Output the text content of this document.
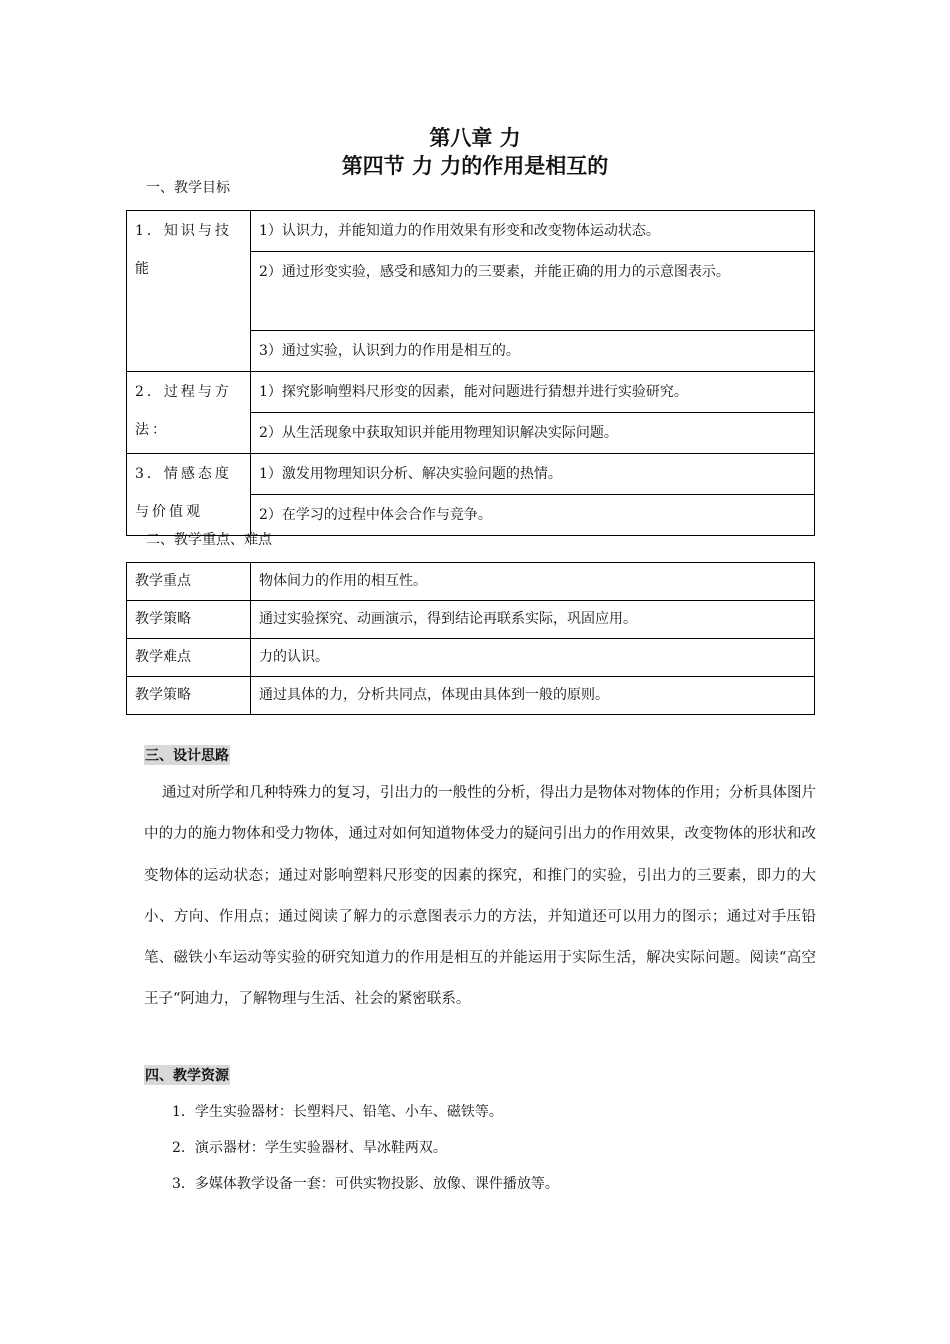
第八章 力
第四节 力 力的作用是相互的
一、教学目标
1．知识与技能	1）认识力，并能知道力的作用效果有形变和改变物体运动状态。
	2）通过形变实验，感受和感知力的三要素，并能正确的用力的示意图表示。
	3）通过实验，认识到力的作用是相互的。
2．过程与方法：	1）探究影响塑料尺形变的因素，能对问题进行猜想并进行实验研究。
	2）从生活现象中获取知识并能用物理知识解决实际问题。
3．情感态度与价值观	1）激发用物理知识分析、解决实验问题的热情。
	2）在学习的过程中体会合作与竞争。
二、教学重点、难点
教学重点	物体间力的作用的相互性。
教学策略	通过实验探究、动画演示，得到结论再联系实际，巩固应用。
教学难点	力的认识。
教学策略	通过具体的力，分析共同点，体现由具体到一般的原则。
三、设计思路
通过对所学和几种特殊力的复习，引出力的一般性的分析，得出力是物体对物体的作用；分析具体图片中的力的施力物体和受力物体，通过对如何知道物体受力的疑问引出力的作用效果，改变物体的形状和改变物体的运动状态；通过对影响塑料尺形变的因素的探究，和推门的实验，引出力的三要素，即力的大小、方向、作用点；通过阅读了解力的示意图表示力的方法，并知道还可以用力的图示；通过对手压铅笔、磁铁小车运动等实验的研究知道力的作用是相互的并能运用于实际生活，解决实际问题。阅读“高空王子“阿迪力，了解物理与生活、社会的紧密联系。
四、教学资源
1．学生实验器材：长塑料尺、铅笔、小车、磁铁等。
2．演示器材：学生实验器材、旱冰鞋两双。
3．多媒体教学设备一套：可供实物投影、放像、课件播放等。
